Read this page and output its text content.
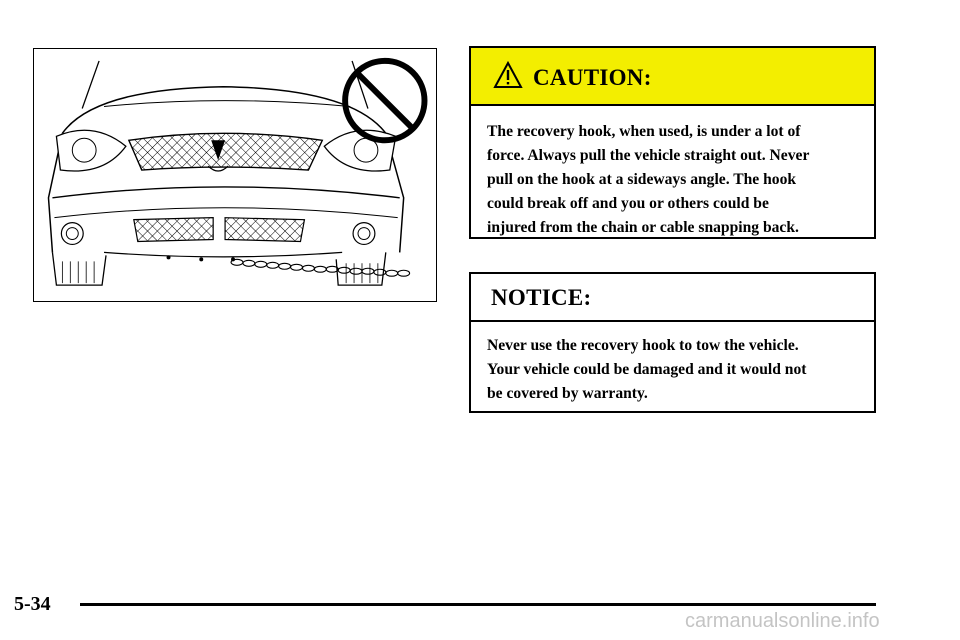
CAUTION:

The recovery hook, when used, is under a lot of
force. Always pull the vehicle straight out. Never
pull on the hook at a sideways angle. The hook
could break off and you or others could be
injured from the chain or cable snapping back.

NOTICE:

Never use the recovery hook to tow the vehicle.
Your vehicle could be damaged and it would not
be covered by warranty.

5-34
carmanualsonline.info
